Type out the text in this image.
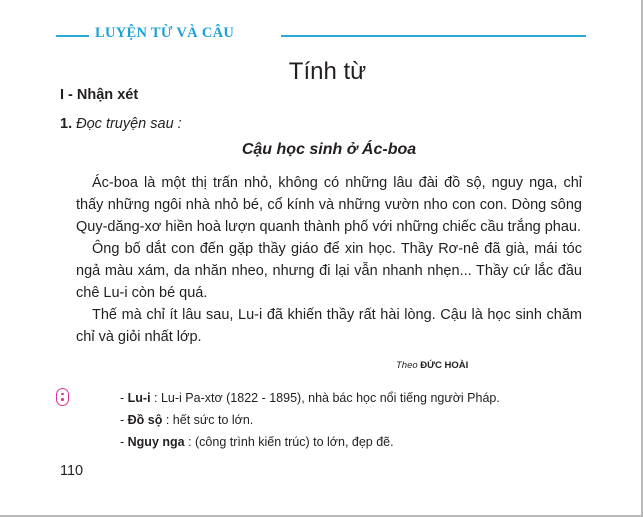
LUYỆN TỪ VÀ CÂU
Tính từ
I - Nhận xét
1. Đọc truyện sau :
Cậu học sinh ở Ác-boa

Ác-boa là một thị trấn nhỏ, không có những lâu đài đồ sộ, nguy nga, chỉ thấy những ngôi nhà nhỏ bé, cổ kính và những vườn nho con con. Dòng sông Quy-dăng-xơ hiền hoà lượn quanh thành phố với những chiếc cầu trắng phau.

Ông bố dắt con đến gặp thầy giáo để xin học. Thầy Rơ-nê đã già, mái tóc ngả màu xám, da nhăn nheo, nhưng đi lại vẫn nhanh nhẹn... Thầy cứ lắc đầu chê Lu-i còn bé quá.

Thế mà chỉ ít lâu sau, Lu-i đã khiến thầy rất hài lòng. Cậu là học sinh chăm chỉ và giỏi nhất lớp.

Theo ĐỨC HOÀI
- Lu-i : Lu-i Pa-xtơ (1822 - 1895), nhà bác học nổi tiếng người Pháp.
- Đồ sộ : hết sức to lớn.
- Nguy nga : (công trình kiến trúc) to lớn, đẹp đẽ.
110
